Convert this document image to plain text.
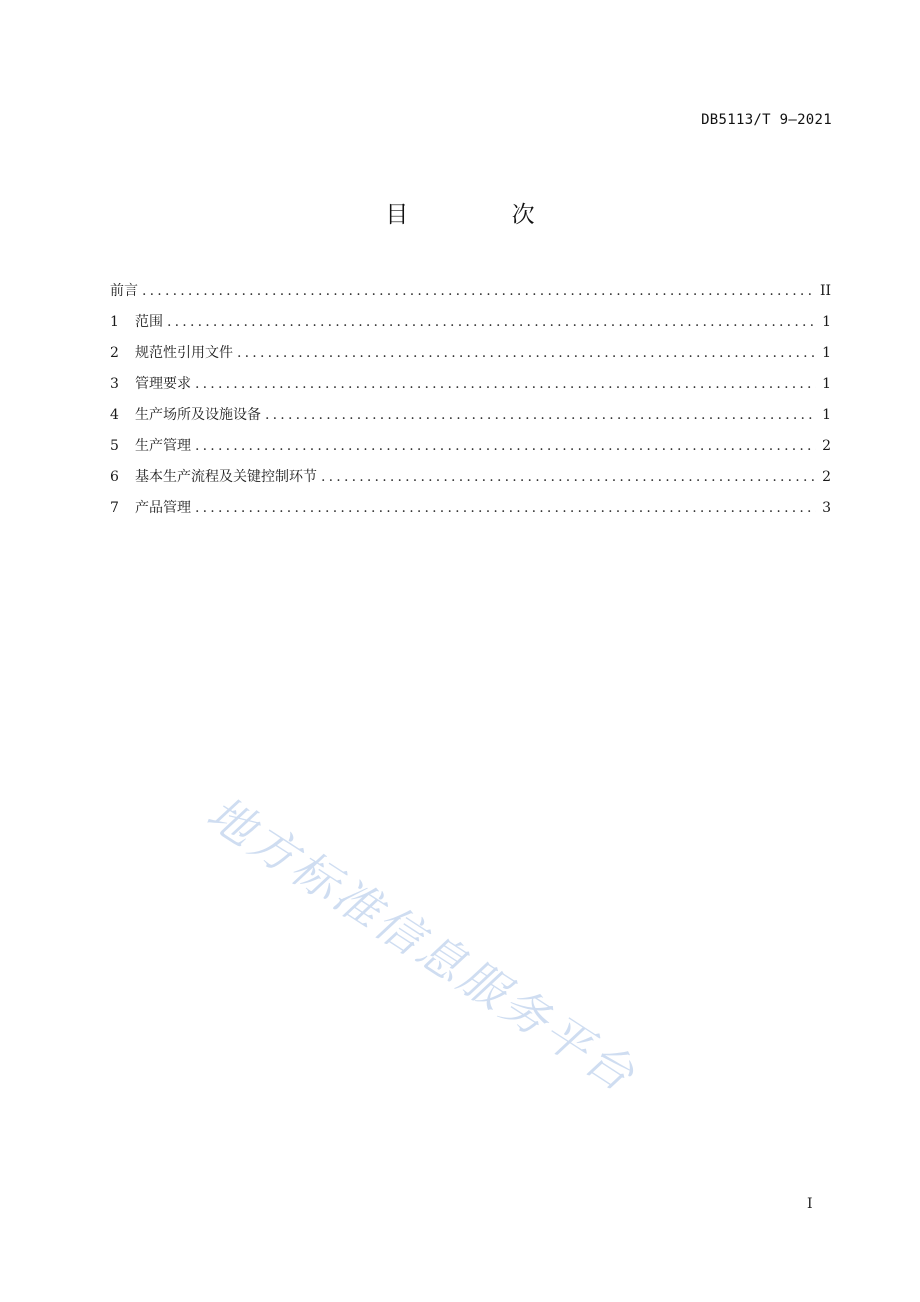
DB5113/T 9—2021
目 次
前言 .....	II
1	范围 .....	1
2	规范性引用文件 .....	1
3	管理要求 .....	1
4	生产场所及设施设备 .....	1
5	生产管理 .....	2
6	基本生产流程及关键控制环节 .....	2
7	产品管理 .....	3
地方标准信息服务平台
I
